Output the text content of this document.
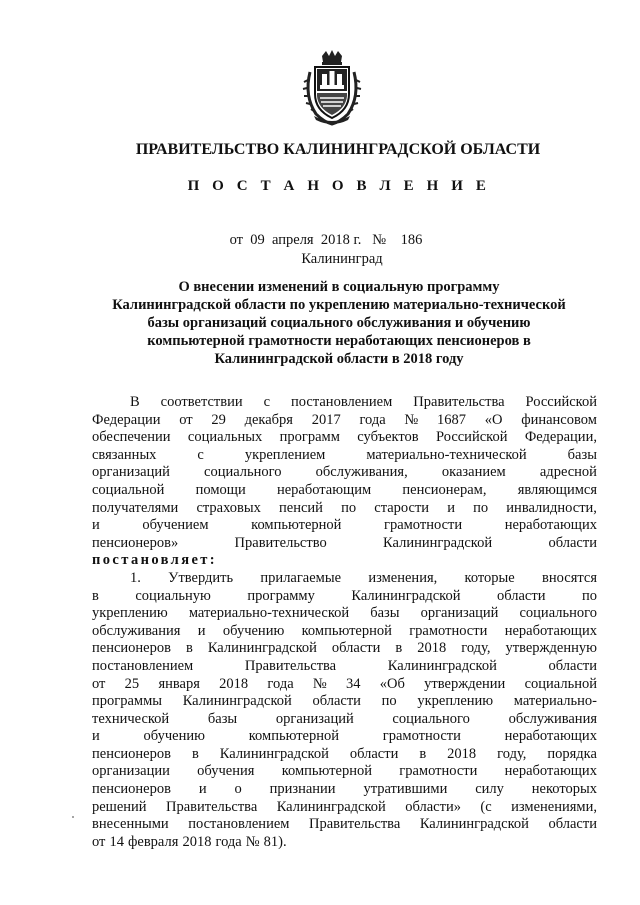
ПРАВИТЕЛЬСТВО КАЛИНИНГРАДСКОЙ ОБЛАСТИ
П О С Т А Н О В Л Е Н И Е
от 09 апреля 2018 г. № 186
Калининград
О внесении изменений в социальную программу
Калининградской области по укреплению материально-технической
базы организаций социального обслуживания и обучению
компьютерной грамотности неработающих пенсионеров в
Калининградской области в 2018 году
В соответствии с постановлением Правительства Российской
Федерации от 29 декабря 2017 года № 1687 «О финансовом
обеспечении социальных программ субъектов Российской Федерации,
связанных	с	укреплением	материально-технической	базы
организаций социального обслуживания, оказанием адресной
социальной помощи неработающим пенсионерам, являющимся
получателями страховых пенсий по старости и по инвалидности,
и	обучением	компьютерной	грамотности	неработающих
пенсионеров»	Правительство	Калининградской	области
постановляет:
1. Утвердить прилагаемые изменения, которые вносятся
в	социальную	программу	Калининградской	области	по
укреплению материально-технической базы организаций социального
обслуживания и обучению компьютерной грамотности неработающих
пенсионеров в Калининградской области в 2018 году, утвержденную
постановлением	Правительства	Калининградской	области
от 25 января 2018 года № 34 «Об утверждении социальной
программы Калининградской области по укреплению материально-
технической	базы	организаций	социального	обслуживания
и	обучению	компьютерной	грамотности	неработающих
пенсионеров в Калининградской области в 2018 году, порядка
организации обучения компьютерной грамотности неработающих
пенсионеров и о признании утратившими силу некоторых
решений Правительства Калининградской области» (с изменениями,
внесенными постановлением Правительства Калининградской области
от 14 февраля 2018 года № 81).
